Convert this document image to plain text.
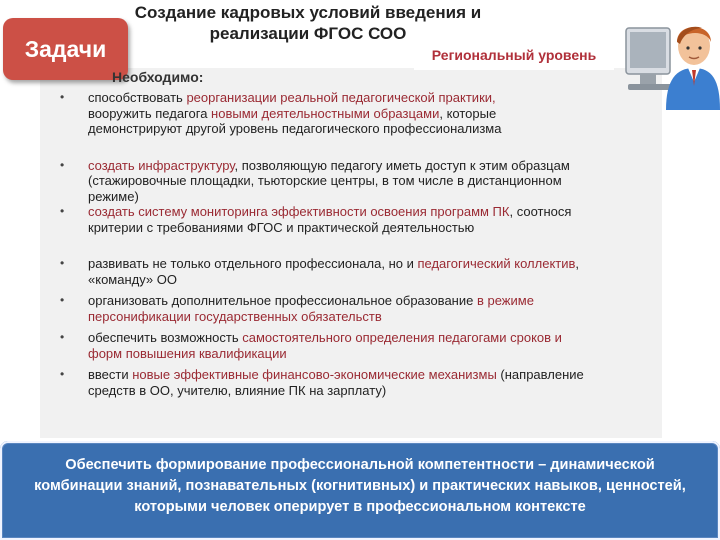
Задачи
Создание кадровых условий введения и
реализации ФГОС СОО
Региональный уровень
Необходимо:
• способствовать реорганизации реальной педагогической практики,
вооружить педагога новыми деятельностными образцами, которые
демонстрируют другой уровень педагогического профессионализма
• создать инфраструктуру, позволяющую педагогу иметь доступ к этим образцам
(стажировочные площадки, тьюторские центры, в том числе в дистанционном
режиме)
• создать систему мониторинга эффективности освоения программ ПК, соотнося
критерии с требованиями ФГОС и практической деятельностью
• развивать не только отдельного профессионала, но и педагогический коллектив,
«команду» ОО
• организовать дополнительное профессиональное образование в режиме
персонификации государственных обязательств
• обеспечить возможность самостоятельного определения педагогами сроков и
форм повышения квалификации
• ввести новые эффективные финансово-экономические механизмы (направление
средств в ОО, учителю, влияние ПК на зарплату)
Обеспечить формирование профессиональной компетентности – динамической
комбинации знаний, познавательных (когнитивных) и практических навыков, ценностей,
которыми человек оперирует в профессиональном контексте
